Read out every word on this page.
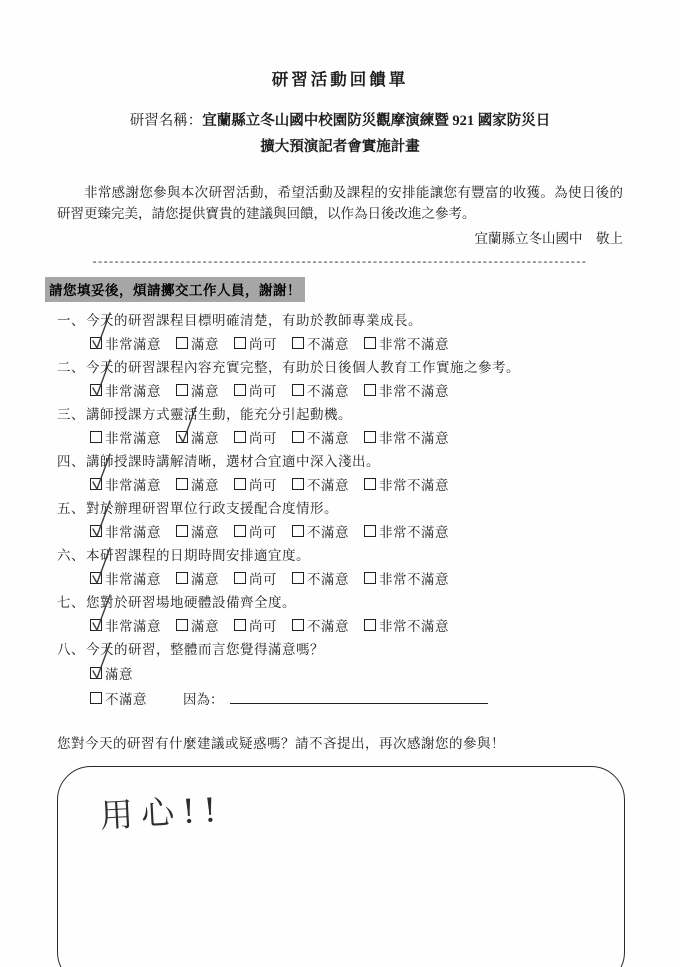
研習活動回饋單
研習名稱：宜蘭縣立冬山國中校園防災觀摩演練暨 921 國家防災日
擴大預演記者會實施計畫

非常感謝您參與本次研習活動，希望活動及課程的安排能讓您有豐富的收獲。為使日後的研習更臻完美，請您提供寶貴的建議與回饋，以作為日後改進之參考。

宜蘭縣立冬山國中　敬上
------------------------------------------------------------------------------------------
請您填妥後，煩請擲交工作人員，謝謝！
一、今天的研習課程目標明確清楚，有助於教師專業成長。
非常滿意 滿意 尚可 不滿意 非常不滿意
二、今天的研習課程內容充實完整，有助於日後個人教育工作實施之參考。
非常滿意 滿意 尚可 不滿意 非常不滿意
三、講師授課方式靈活生動，能充分引起動機。
非常滿意 滿意 尚可 不滿意 非常不滿意
四、講師授課時講解清晰，選材合宜適中深入淺出。
非常滿意 滿意 尚可 不滿意 非常不滿意
五、對於辦理研習單位行政支援配合度情形。
非常滿意 滿意 尚可 不滿意 非常不滿意
六、本研習課程的日期時間安排適宜度。
非常滿意 滿意 尚可 不滿意 非常不滿意
七、您對於研習場地硬體設備齊全度。
非常滿意 滿意 尚可 不滿意 非常不滿意
八、今天的研習，整體而言您覺得滿意嗎？
滿意
不滿意	因為：

您對今天的研習有什麼建議或疑惑嗎？請不吝提出，再次感謝您的參與！

用心!!
